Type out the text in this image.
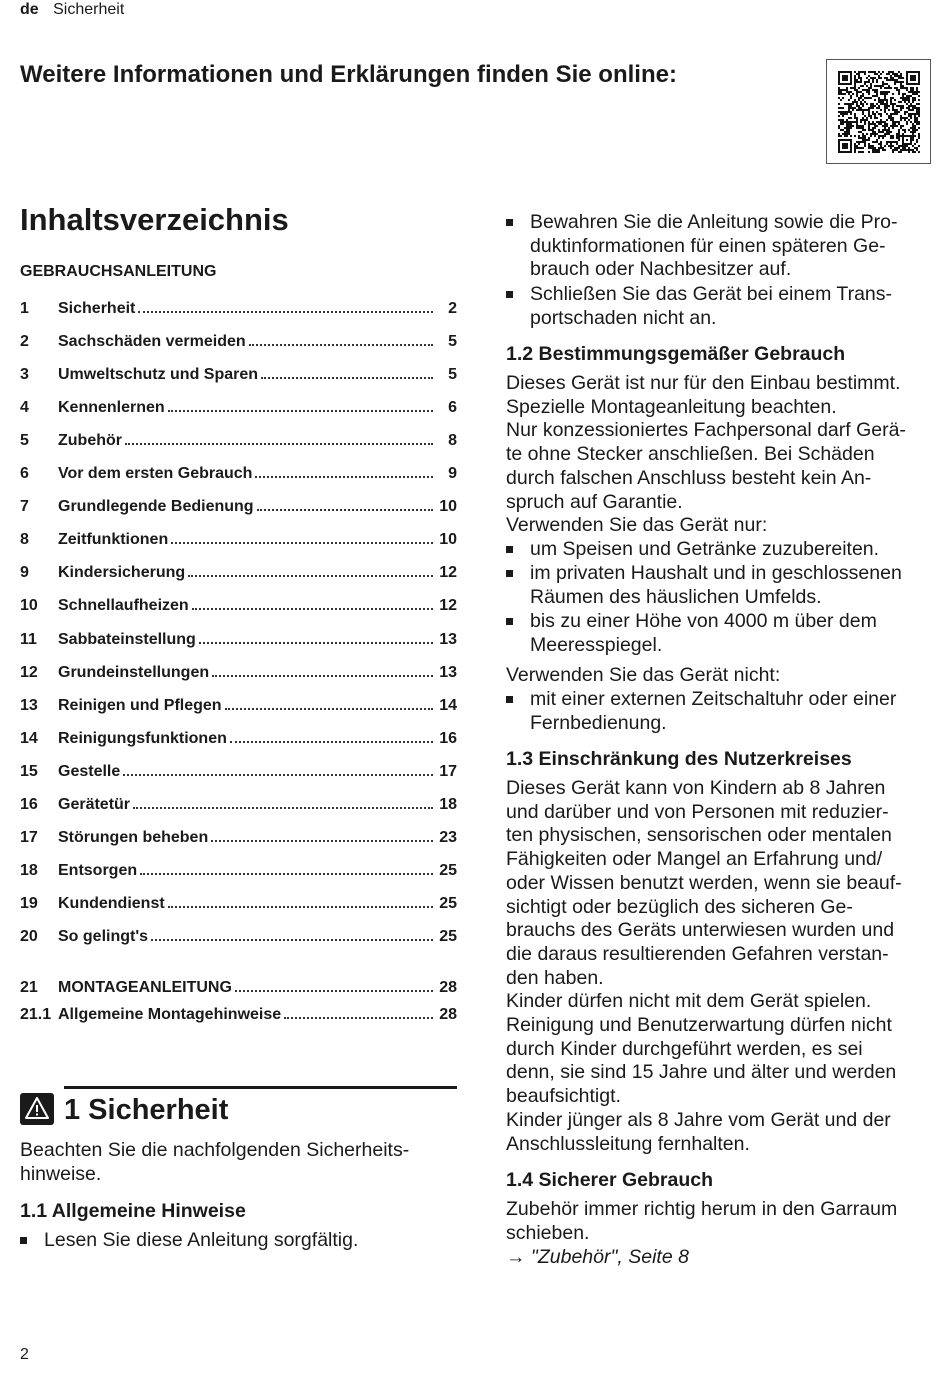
de Sicherheit
Weitere Informationen und Erklärungen finden Sie online:
Inhaltsverzeichnis
GEBRAUCHSANLEITUNG
1	Sicherheit	2
2	Sachschäden vermeiden	5
3	Umweltschutz und Sparen	5
4	Kennenlernen	6
5	Zubehör	8
6	Vor dem ersten Gebrauch	9
7	Grundlegende Bedienung	10
8	Zeitfunktionen	10
9	Kindersicherung	12
10	Schnellaufheizen	12
11	Sabbateinstellung	13
12	Grundeinstellungen	13
13	Reinigen und Pflegen	14
14	Reinigungsfunktionen	16
15	Gestelle	17
16	Gerätetür	18
17	Störungen beheben	23
18	Entsorgen	25
19	Kundendienst	25
20	So gelingt's	25
21	MONTAGEANLEITUNG	28
21.1 Allgemeine Montagehinweise	28
1 Sicherheit
Beachten Sie die nachfolgenden Sicherheits-
hinweise.
1.1 Allgemeine Hinweise
Lesen Sie diese Anleitung sorgfältig.
Bewahren Sie die Anleitung sowie die Pro-
duktinformationen für einen späteren Ge-
brauch oder Nachbesitzer auf.
Schließen Sie das Gerät bei einem Trans-
portschaden nicht an.
1.2 Bestimmungsgemäßer Gebrauch
Dieses Gerät ist nur für den Einbau bestimmt.
Spezielle Montageanleitung beachten.
Nur konzessioniertes Fachpersonal darf Gerä-
te ohne Stecker anschließen. Bei Schäden
durch falschen Anschluss besteht kein An-
spruch auf Garantie.
Verwenden Sie das Gerät nur:
um Speisen und Getränke zuzubereiten.
im privaten Haushalt und in geschlossenen
Räumen des häuslichen Umfelds.
bis zu einer Höhe von 4000 m über dem
Meeresspiegel.
Verwenden Sie das Gerät nicht:
mit einer externen Zeitschaltuhr oder einer
Fernbedienung.
1.3 Einschränkung des Nutzerkreises
Dieses Gerät kann von Kindern ab 8 Jahren
und darüber und von Personen mit reduzier-
ten physischen, sensorischen oder mentalen
Fähigkeiten oder Mangel an Erfahrung und/
oder Wissen benutzt werden, wenn sie beauf-
sichtigt oder bezüglich des sicheren Ge-
brauchs des Geräts unterwiesen wurden und
die daraus resultierenden Gefahren verstan-
den haben.
Kinder dürfen nicht mit dem Gerät spielen.
Reinigung und Benutzerwartung dürfen nicht
durch Kinder durchgeführt werden, es sei
denn, sie sind 15 Jahre und älter und werden
beaufsichtigt.
Kinder jünger als 8 Jahre vom Gerät und der
Anschlussleitung fernhalten.
1.4 Sicherer Gebrauch
Zubehör immer richtig herum in den Garraum
schieben.
→ "Zubehör", Seite 8
2
